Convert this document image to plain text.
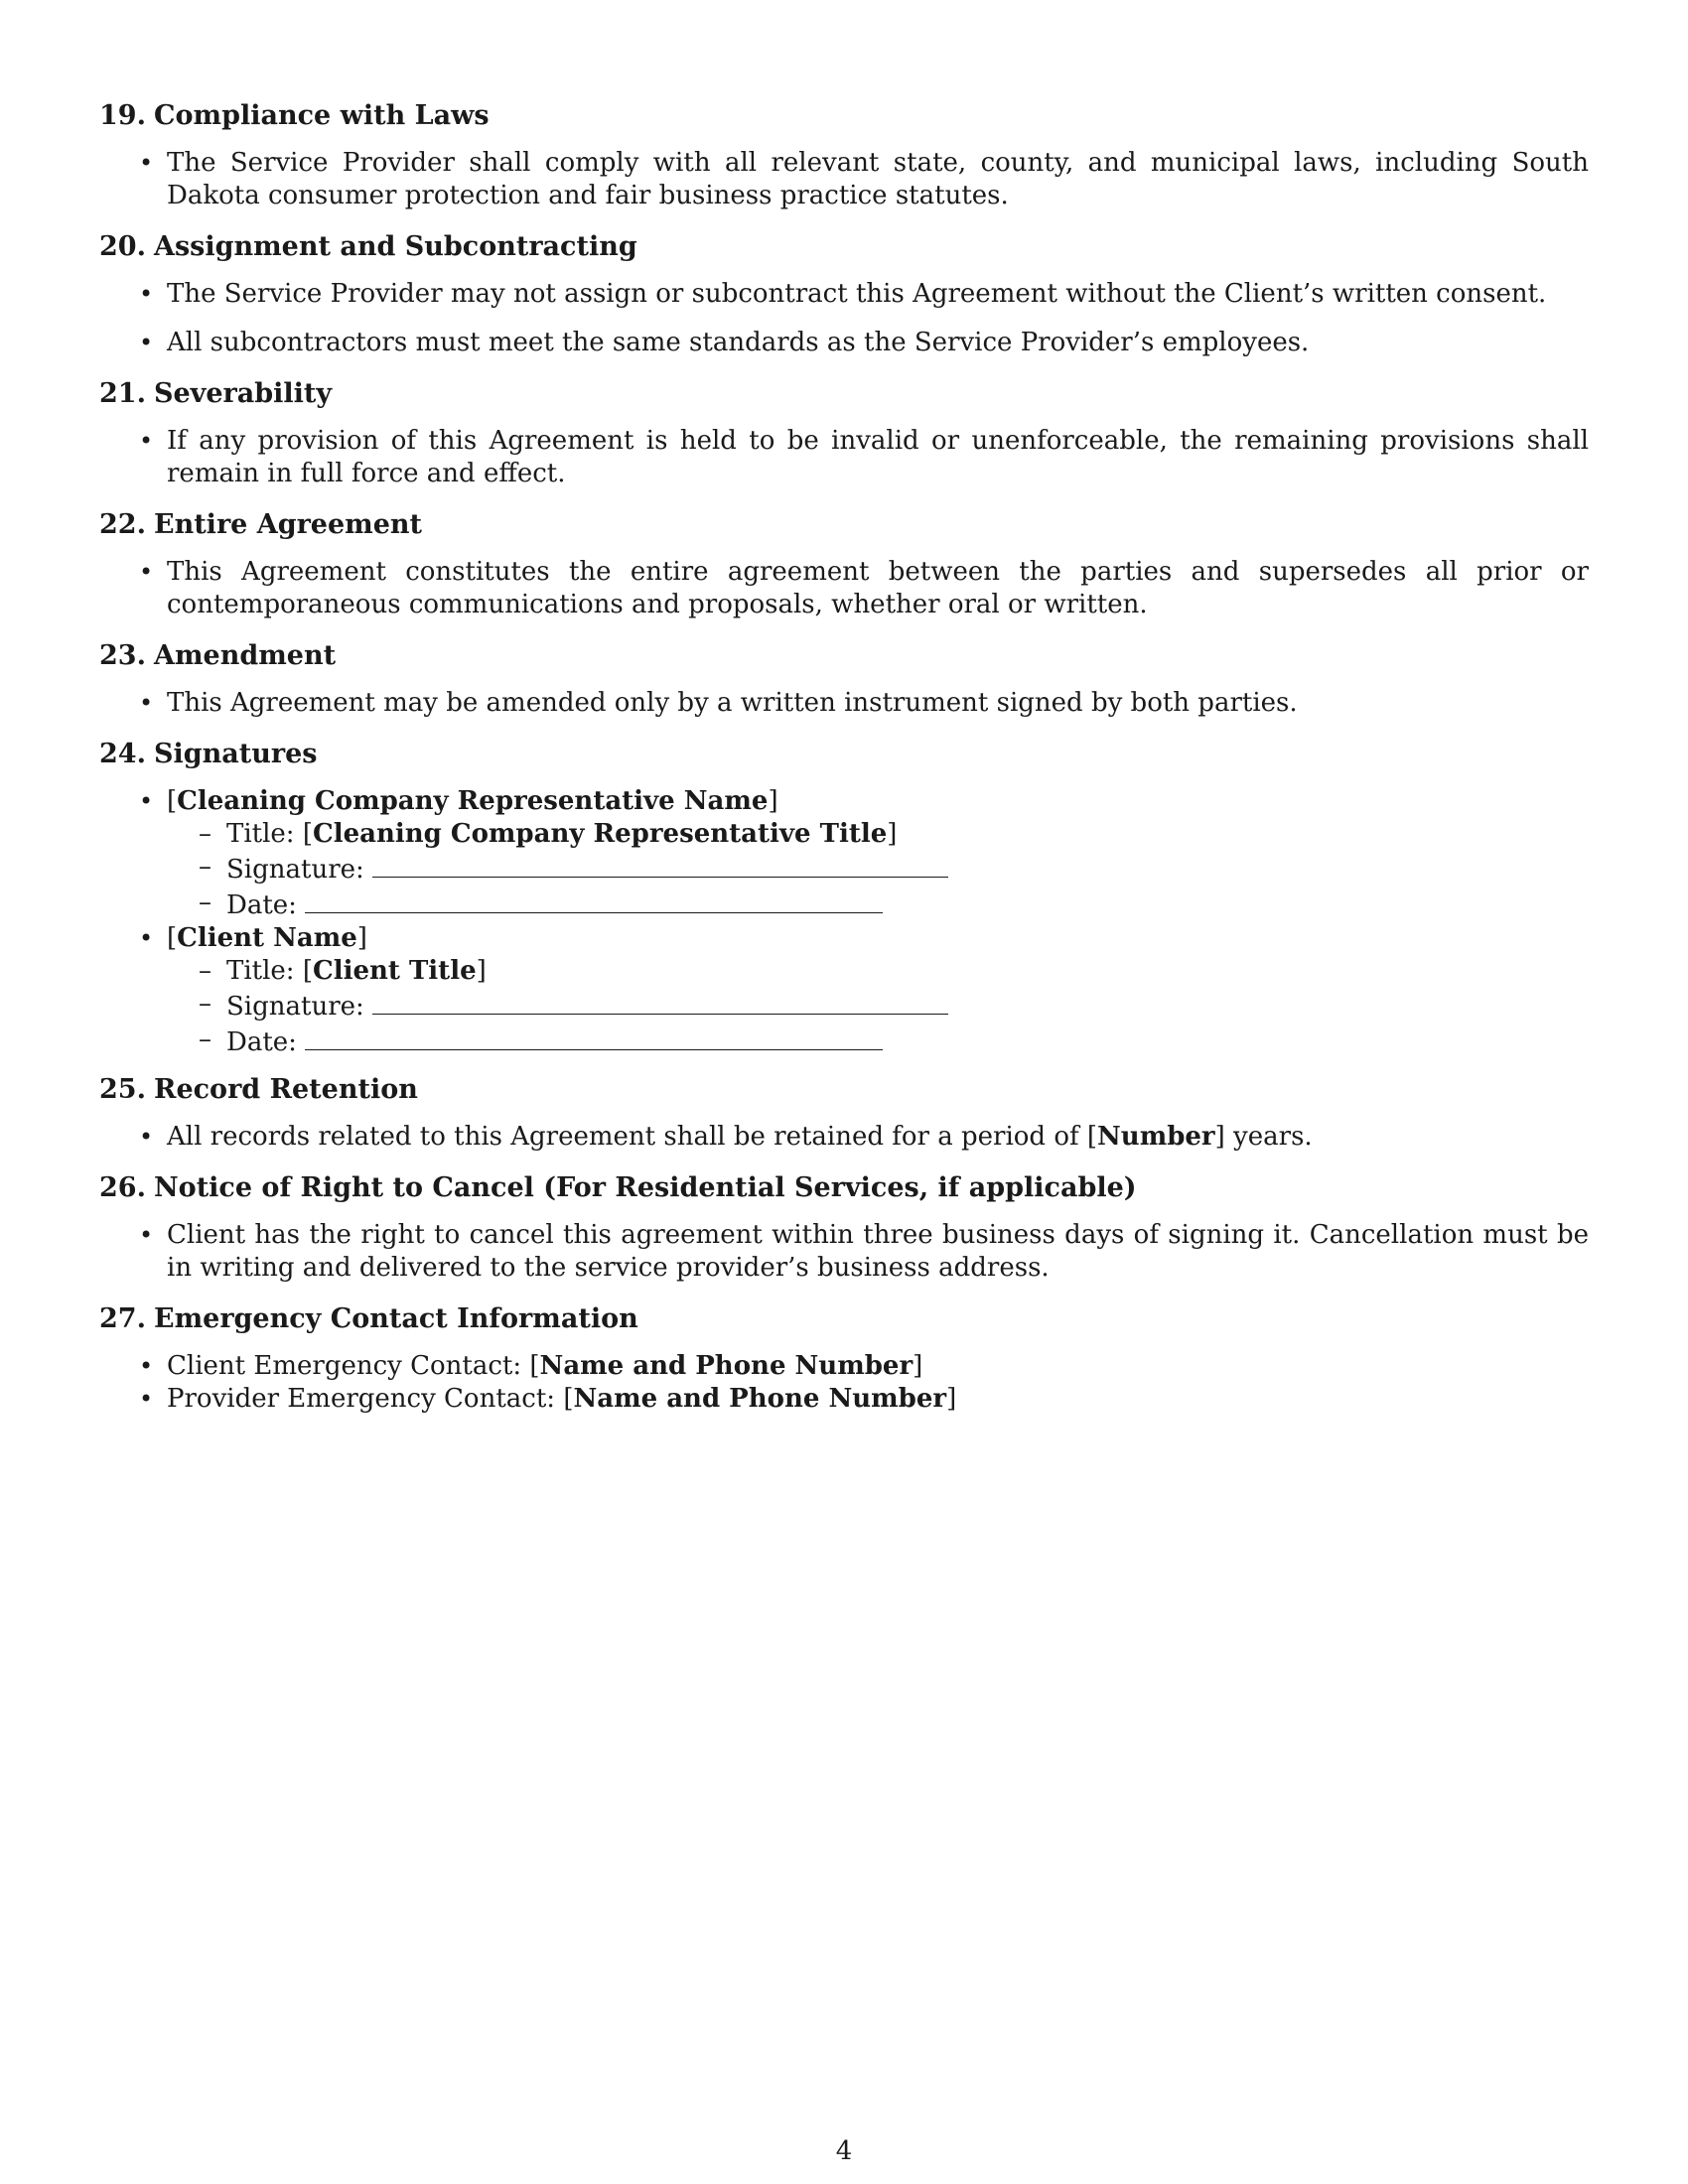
19. Compliance with Laws
• The Service Provider shall comply with all relevant state, county, and municipal laws, including South Dakota consumer protection and fair business practice statutes.
20. Assignment and Subcontracting
• The Service Provider may not assign or subcontract this Agreement without the Client’s written consent.
• All subcontractors must meet the same standards as the Service Provider’s employees.
21. Severability
• If any provision of this Agreement is held to be invalid or unenforceable, the remaining provisions shall remain in full force and effect.
22. Entire Agreement
• This Agreement constitutes the entire agreement between the parties and supersedes all prior or contemporaneous communications and proposals, whether oral or written.
23. Amendment
• This Agreement may be amended only by a written instrument signed by both parties.
24. Signatures
• [Cleaning Company Representative Name]
– Title: [Cleaning Company Representative Title]
– Signature:
– Date:
• [Client Name]
– Title: [Client Title]
– Signature:
– Date:
25. Record Retention
• All records related to this Agreement shall be retained for a period of [Number] years.
26. Notice of Right to Cancel (For Residential Services, if applicable)
• Client has the right to cancel this agreement within three business days of signing it. Cancellation must be in writing and delivered to the service provider’s business address.
27. Emergency Contact Information
• Client Emergency Contact: [Name and Phone Number]
• Provider Emergency Contact: [Name and Phone Number]
4
